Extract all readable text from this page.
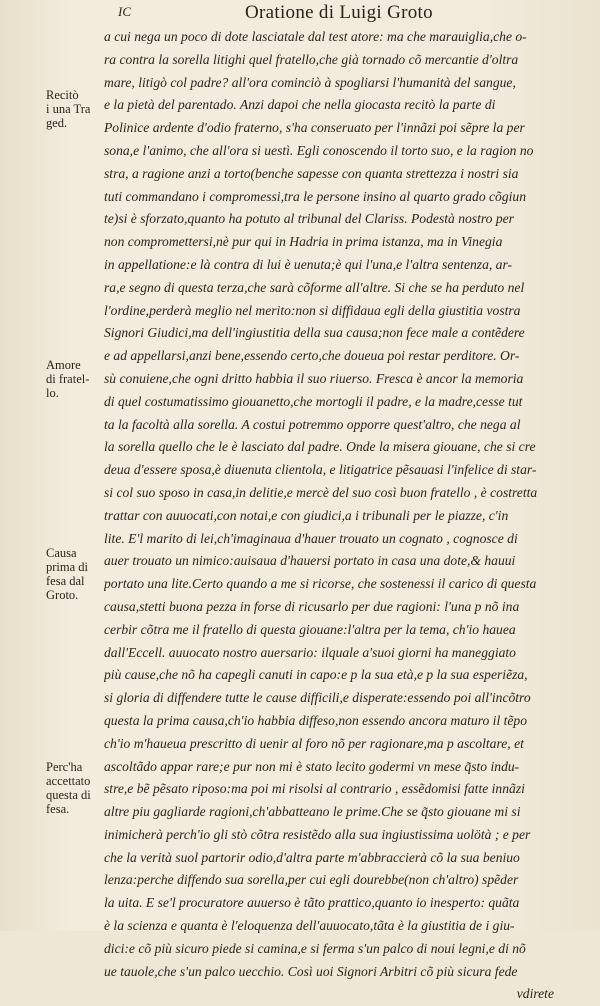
IC	Oratione di Luigi Groto
a cui nega un poco di dote lasciatale dal test atore: ma che marauiglia,che o-
ra contra la sorella litighi quel fratello,che già tornado cõ mercantie d'oltra
mare, litigò col padre? all'ora cominciò à spogliarsi l'humanità del sangue,
e la pietà del parentado. Anzi dapoi che nella giocasta recitò la parte di
Polinice ardente d'odio fraterno, s'ha conseruato per l'innãzi poi sẽpre la per
sona,e l'animo, che all'ora si uestì. Egli conoscendo il torto suo, e la ragion no
stra, a ragione anzi a torto(benche sapesse con quanta strettezza i nostri sia
tuti commandano i compromessi,tra le persone insino al quarto grado cõgiun
te)si è sforzato,quanto ha potuto al tribunal del Clariss. Podestà nostro per
non compromettersi,nè pur qui in Hadria in prima istanza, ma in Vinegia
in appellatione:e là contra di lui è uenuta;è qui l'una,e l'altra sentenza, ar-
ra,e segno di questa terza,che sarà cõforme all'altre. Si che se ha perduto nel
l'ordine,perderà meglio nel merito:non si diffidaua egli della giustitia vostra
Signori Giudici,ma dell'ingiustitia della sua causa;non fece male a contẽdere
e ad appellarsi,anzi bene,essendo certo,che doueua poi restar perditore. Or-
sù conuiene,che ogni dritto habbia il suo riuerso. Fresca è ancor la memoria
di quel costumatissimo giouanetto,che mortogli il padre, e la madre,cesse tut
ta la facoltà alla sorella. A costui potremmo opporre quest'altro, che nega al
la sorella quello che le è lasciato dal padre. Onde la misera giouane, che si cre
deua d'essere sposa,è diuenuta clientola, e litigatrice pẽsauasi l'infelice di star-
si col suo sposo in casa,in delitie,e mercè del suo così buon fratello , è costretta
trattar con auuocati,con notai,e con giudici,a i tribunali per le piazze, c'in
lite. E'l marito di lei,ch'imaginaua d'hauer trouato un cognato , cognosce di
auer trouato un nimico:auisaua d'hauersi portato in casa una dote,& hauui
portato una lite.Certo quando a me si ricorse, che sostenessi il carico di questa
causa,stetti buona pezza in forse di ricusarlo per due ragioni: l'una p nõ ina
cerbir cõtra me il fratello di questa giouane:l'altra per la tema, ch'io hauea
dall'Eccell. auuocato nostro auersario: ilquale a'suoi giorni ha maneggiato
più cause,che nõ ha capegli canuti in capo:e p la sua età,e p la sua esperiẽza,
si gloria di diffendere tutte le cause difficili,e disperate:essendo poi all'incõtro
questa la prima causa,ch'io habbia diffeso,non essendo ancora maturo il tẽpo
ch'io m'haueua prescritto di uenir al foro nõ per ragionare,ma p ascoltare, et
ascoltãdo appar rare;e pur non mi è stato lecito godermi vn mese q̃sto indu-
stre,e bẽ pẽsato riposo:ma poi mi risolsi al contrario , essẽdomisi fatte innãzi
altre piu gagliarde ragioni,ch'abbatteano le prime.Che se q̃sto giouane mi si
inimicherà perch'io gli stò cõtra resistẽdo alla sua ingiustissima uolötà ; e per
che la verità suol partorir odio,d'altra parte m'abbraccierà cõ la sua beniuo
lenza:perche diffendo sua sorella,per cui egli dourebbe(non ch'altro) spẽder
la uita. E se'l procuratore auuerso è tãto prattico,quanto io inesperto: quãta
è la scienza e quanta è l'eloquenza dell'auuocato,tãta è la giustitia de i giu-
dici:e cõ più sicuro piede si camina,e si ferma s'un palco di noui legni,e di nõ
ue tauole,che s'un palco uecchio. Così uoi Signori Arbitri cõ più sicura fede
vdirete
Recitò
i una Tra
ged.
Amore
di fratel-
lo.
Causa
prima di
fesa dal
Groto.
Perc'ha
accettato
questa di
fesa.
